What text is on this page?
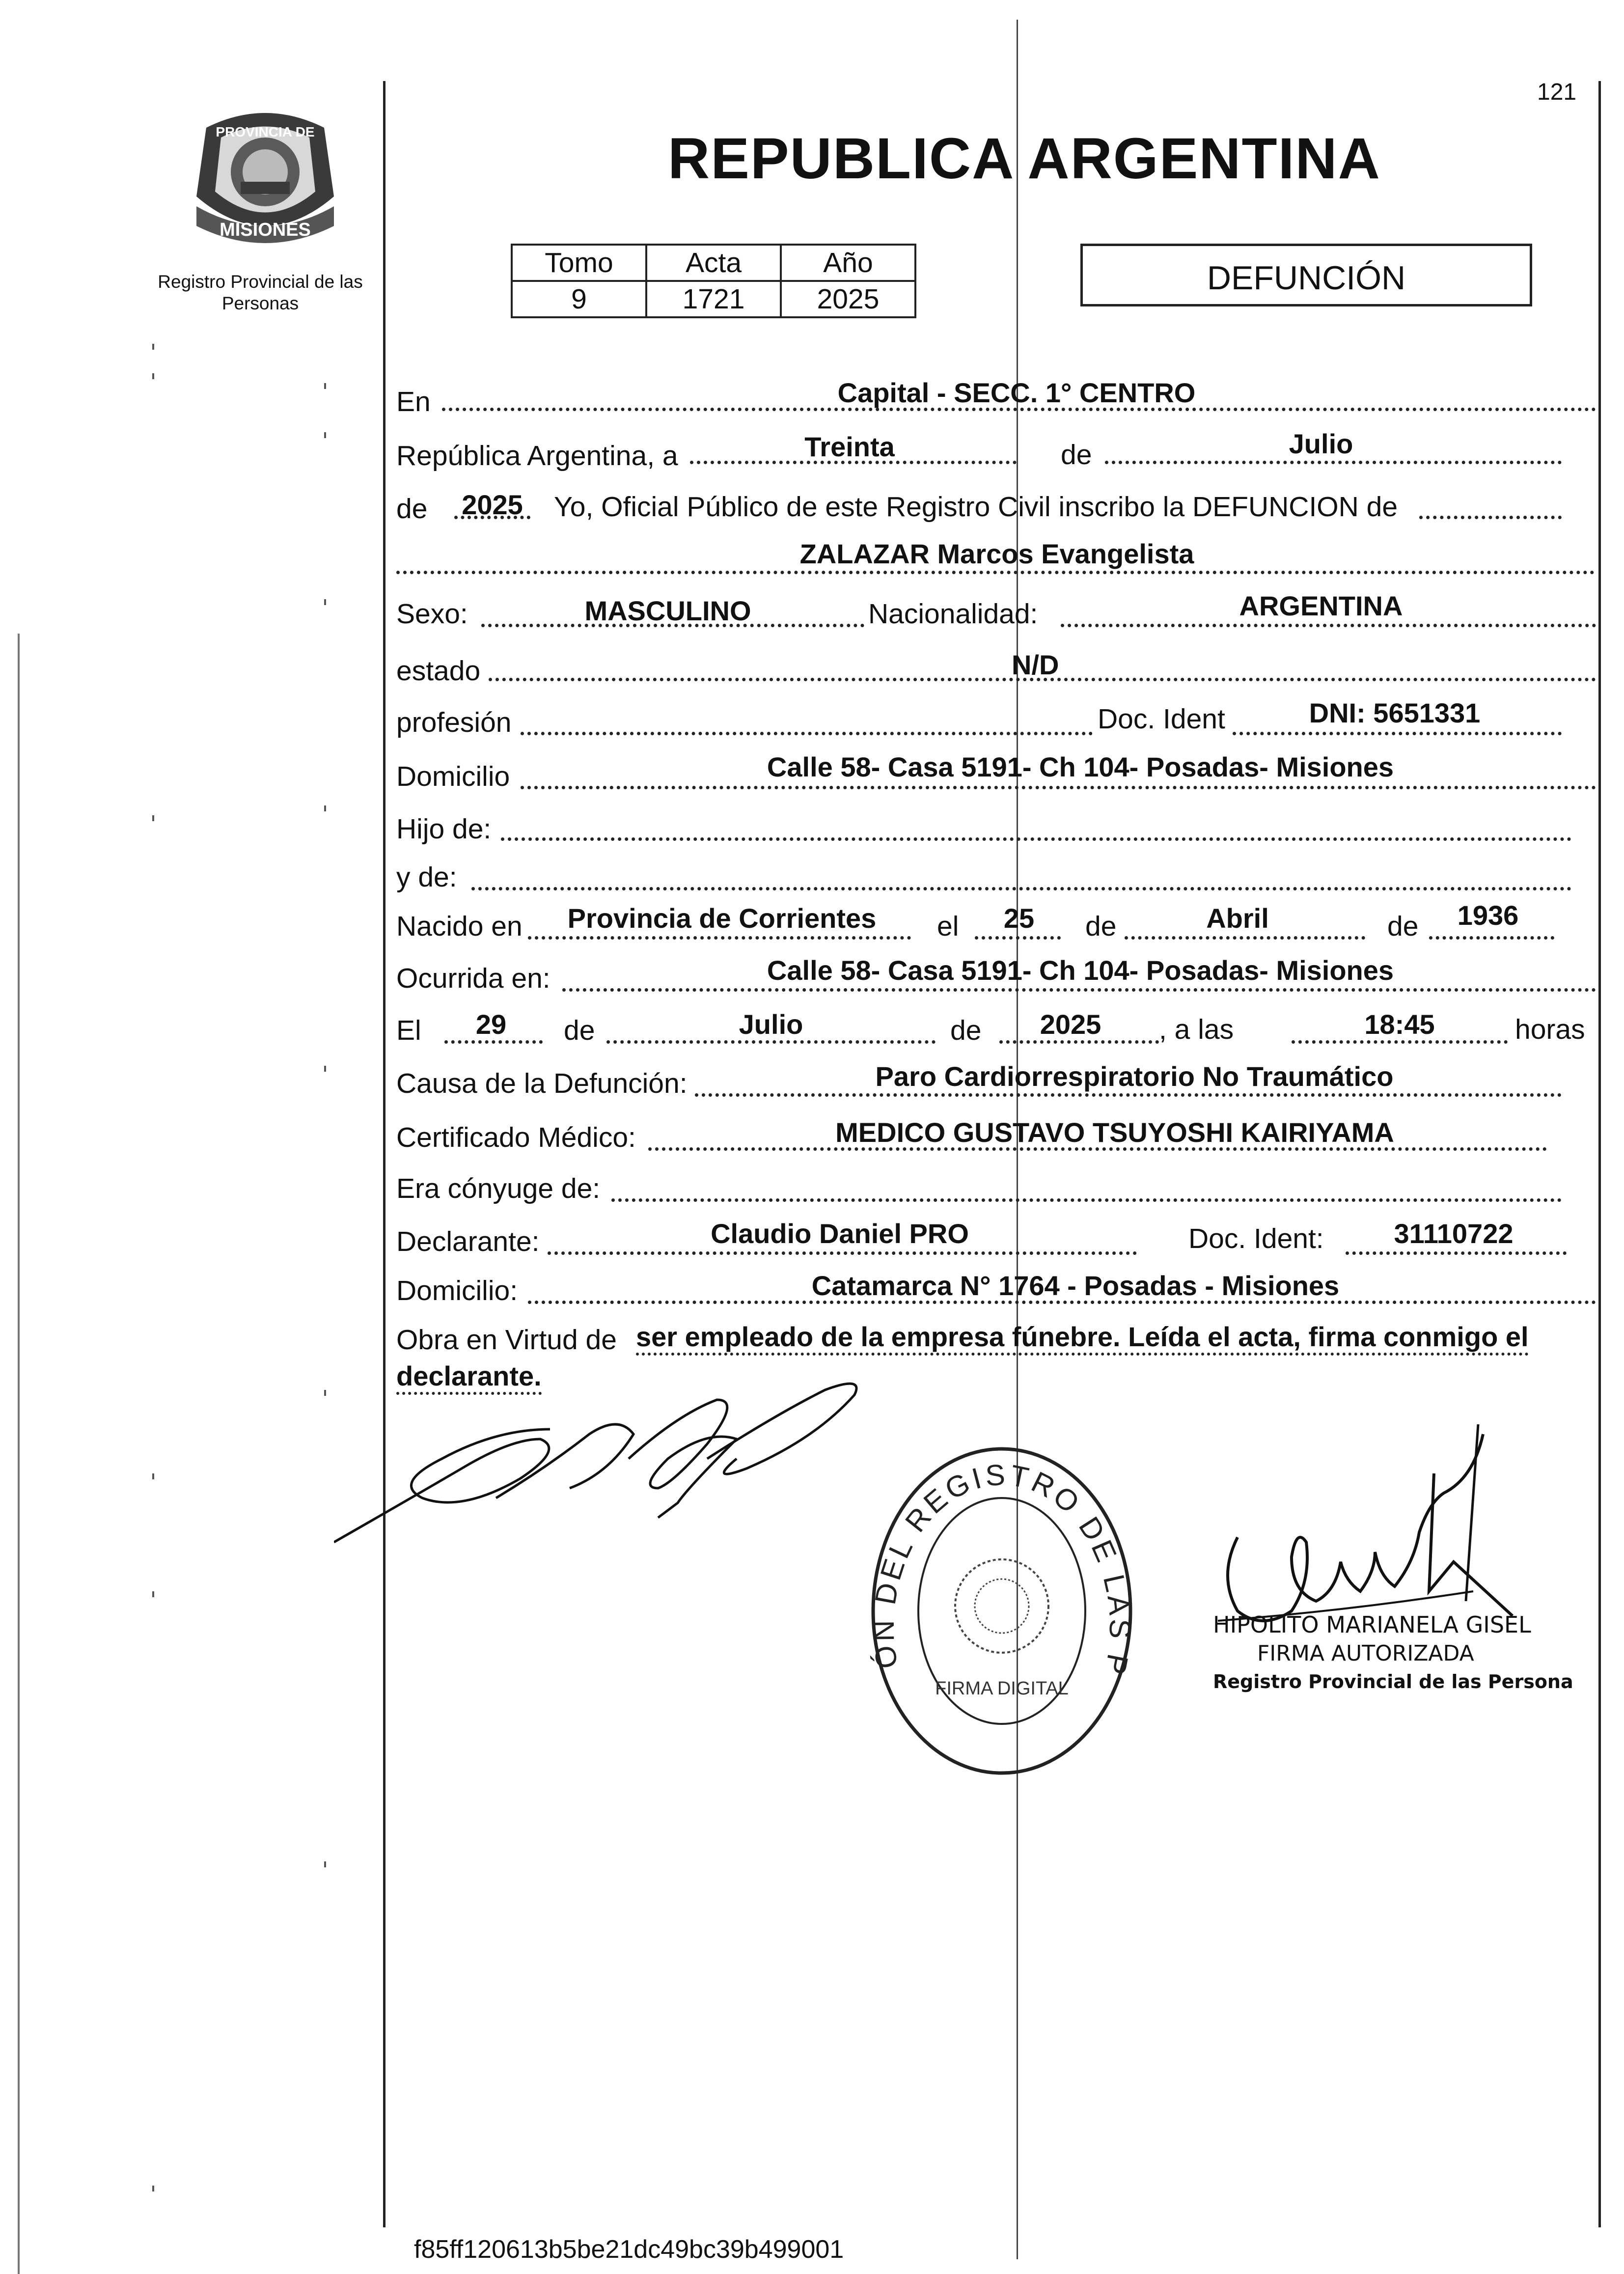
121
PROVINCIA DE
MISIONES
Registro Provincial de las Personas
REPUBLICA ARGENTINA
Tomo	Acta	Año
9	1721	2025
DEFUNCIÓN
En	Capital - SECC. 1° CENTRO
República Argentina, a	Treinta	de	Julio
de 2025 Yo, Oficial Público de este Registro Civil inscribo la DEFUNCION de
ZALAZAR Marcos Evangelista
Sexo:	MASCULINO	Nacionalidad:	ARGENTINA
estado	N/D
profesión	Doc. Ident	DNI: 5651331
Domicilio	Calle 58- Casa 5191- Ch 104- Posadas- Misiones
Hijo de:
y de:
Nacido en	Provincia de Corrientes	el	25	de	Abril	de	1936
Ocurrida en:	Calle 58- Casa 5191- Ch 104- Posadas- Misiones
El	29	de	Julio	de	2025	, a las	18:45	horas
Causa de la Defunción:	Paro Cardiorrespiratorio No Traumático
Certificado Médico:	MEDICO GUSTAVO TSUYOSHI KAIRIYAMA
Era cónyuge de:
Declarante:	Claudio Daniel PRO	Doc. Ident:	31110722
Domicilio:	Catamarca N° 1764 - Posadas - Misiones
Obra en Virtud de ser empleado de la empresa fúnebre. Leída el acta, firma conmigo el
declarante.
ÓN DEL REGISTRO DE LAS P
FIRMA DIGITAL
HIPOLITO MARIANELA GISEL
FIRMA AUTORIZADA
Registro Provincial de las Persona
f85ff120613b5be21dc49bc39b499001
